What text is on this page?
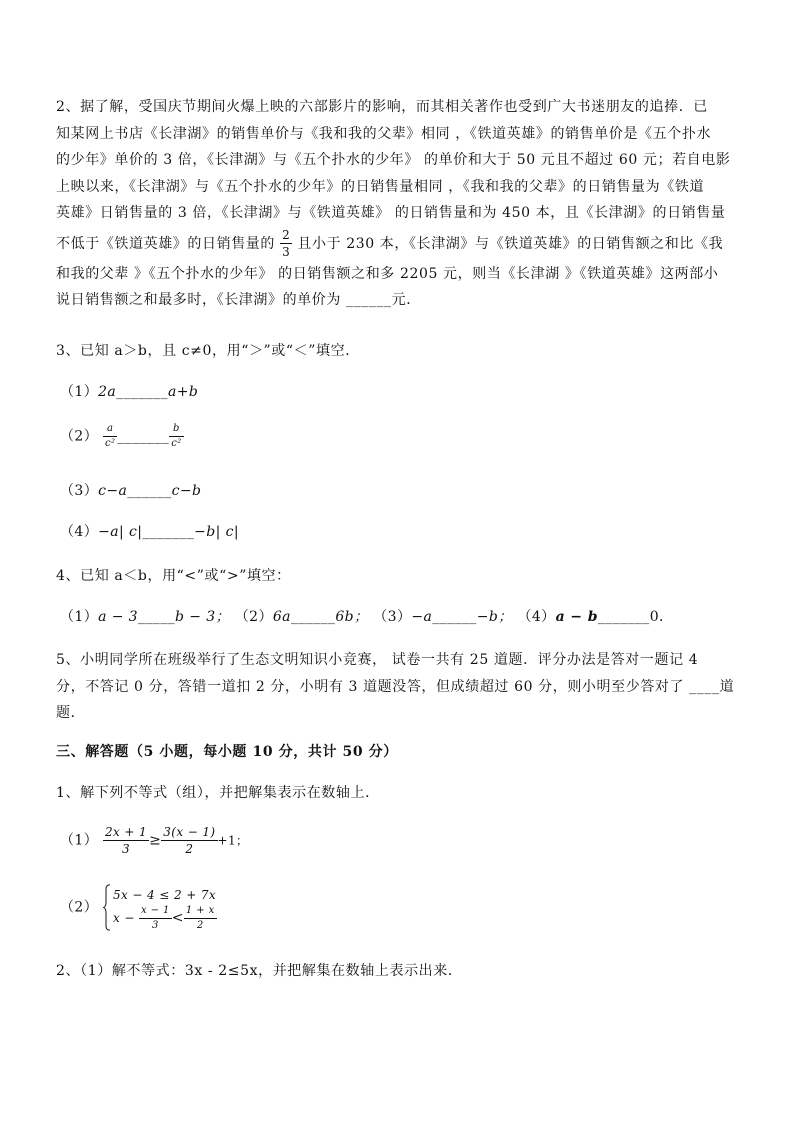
2、据了解，受国庆节期间火爆上映的六部影片的影响，而其相关著作也受到广大书迷朋友的追捧．已
知某网上书店《长津湖》的销售单价与《我和我的父辈》相同 ，《铁道英雄》的销售单价是《五个扑水
的少年》单价的 3 倍，《长津湖》与《五个扑水的少年》 的单价和大于 50 元且不超过 60 元；若自电影
上映以来，《长津湖》与《五个扑水的少年》的日销售量相同 ，《我和我的父辈》的日销售量为《铁道
英雄》日销售量的 3 倍，《长津湖》与《铁道英雄》 的日销售量和为 450 本，且《长津湖》的日销售量
不低于《铁道英雄》的日销售量的 $\frac{2}{3}$ 且小于 230 本，《长津湖》与《铁道英雄》的日销售额之和比《我
和我的父辈 》《五个扑水的少年》 的日销售额之和多 2205 元，则当《长津湖 》《铁道英雄》这两部小
说日销售额之和最多时，《长津湖》的单价为 ______元．
3、已知 a＞b，且 c≠0，用“＞”或“＜”填空．
（1）2a_______a+b
$(2) \frac{a}{\text{c²}}$ _______ $\frac{b}{\text{c²}}$
（3）c−a______c−b
（4）−a| c|_______−b| c|
4、已知 a＜b，用“<”或“>”填空：
（1）a − 3_____b − 3； （2）6a______6b； （3）−a______−b； （4）a − b_______0．
5、小明同学所在班级举行了生态文明知识小竞赛， 试卷一共有 25 道题．评分办法是答对一题记 4
分，不答记 0 分，答错一道扣 2 分，小明有 3 道题没答，但成绩超过 60 分，则小明至少答对了 ____道
题．
三、解答题（5 小题，每小题 10 分，共计 50 分）
1、解下列不等式（组），并把解集表示在数轴上．
$(1) \frac{2x + 1}{3} \ge \frac{3(x - 1)}{2} +1$；
（2）
5x − 4 ≤ 2 + 7x
$x - \frac{x - 1}{3} < \frac{1 + x}{2}$
2、（1）解不等式：3x - 2≤5x，并把解集在数轴上表示出来．
